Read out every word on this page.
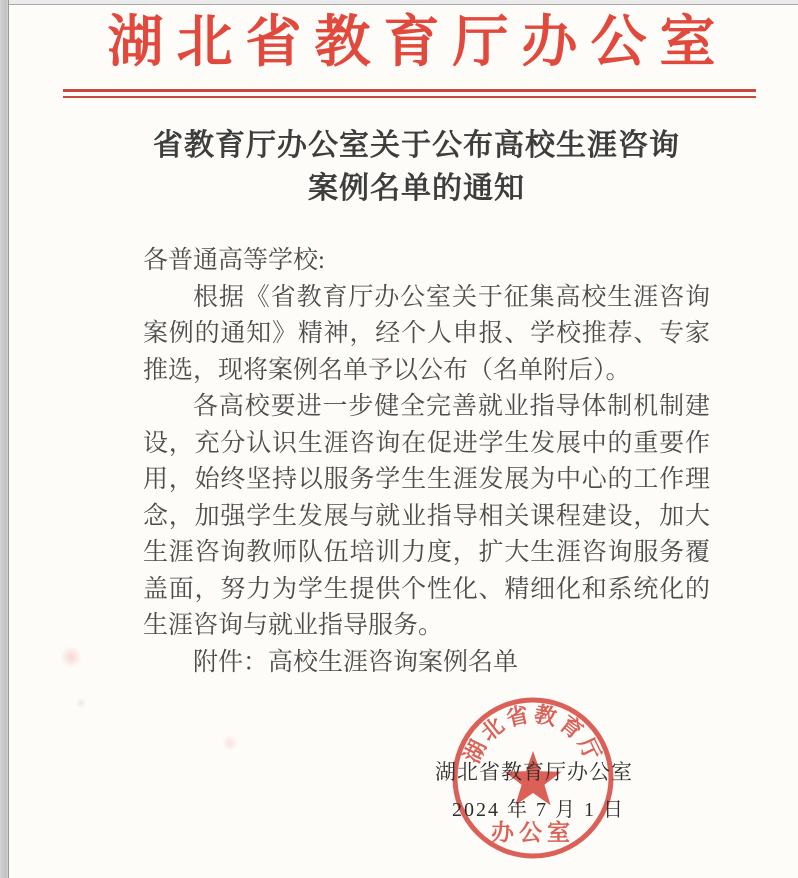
湖北省教育厅办公室
省教育厅办公室关于公布高校生涯咨询
案例名单的通知

各普通高等学校:

根据《省教育厅办公室关于征集高校生涯咨询案例的通知》精神，经个人申报、学校推荐、专家推选，现将案例名单予以公布（名单附后）。

各高校要进一步健全完善就业指导体制机制建设，充分认识生涯咨询在促进学生发展中的重要作用，始终坚持以服务学生生涯发展为中心的工作理念，加强学生发展与就业指导相关课程建设，加大生涯咨询教师队伍培训力度，扩大生涯咨询服务覆盖面，努力为学生提供个性化、精细化和系统化的生涯咨询与就业指导服务。

附件：高校生涯咨询案例名单

湖北省教育厅
办公室
湖北省教育厅办公室
2024 年 7 月 1 日
